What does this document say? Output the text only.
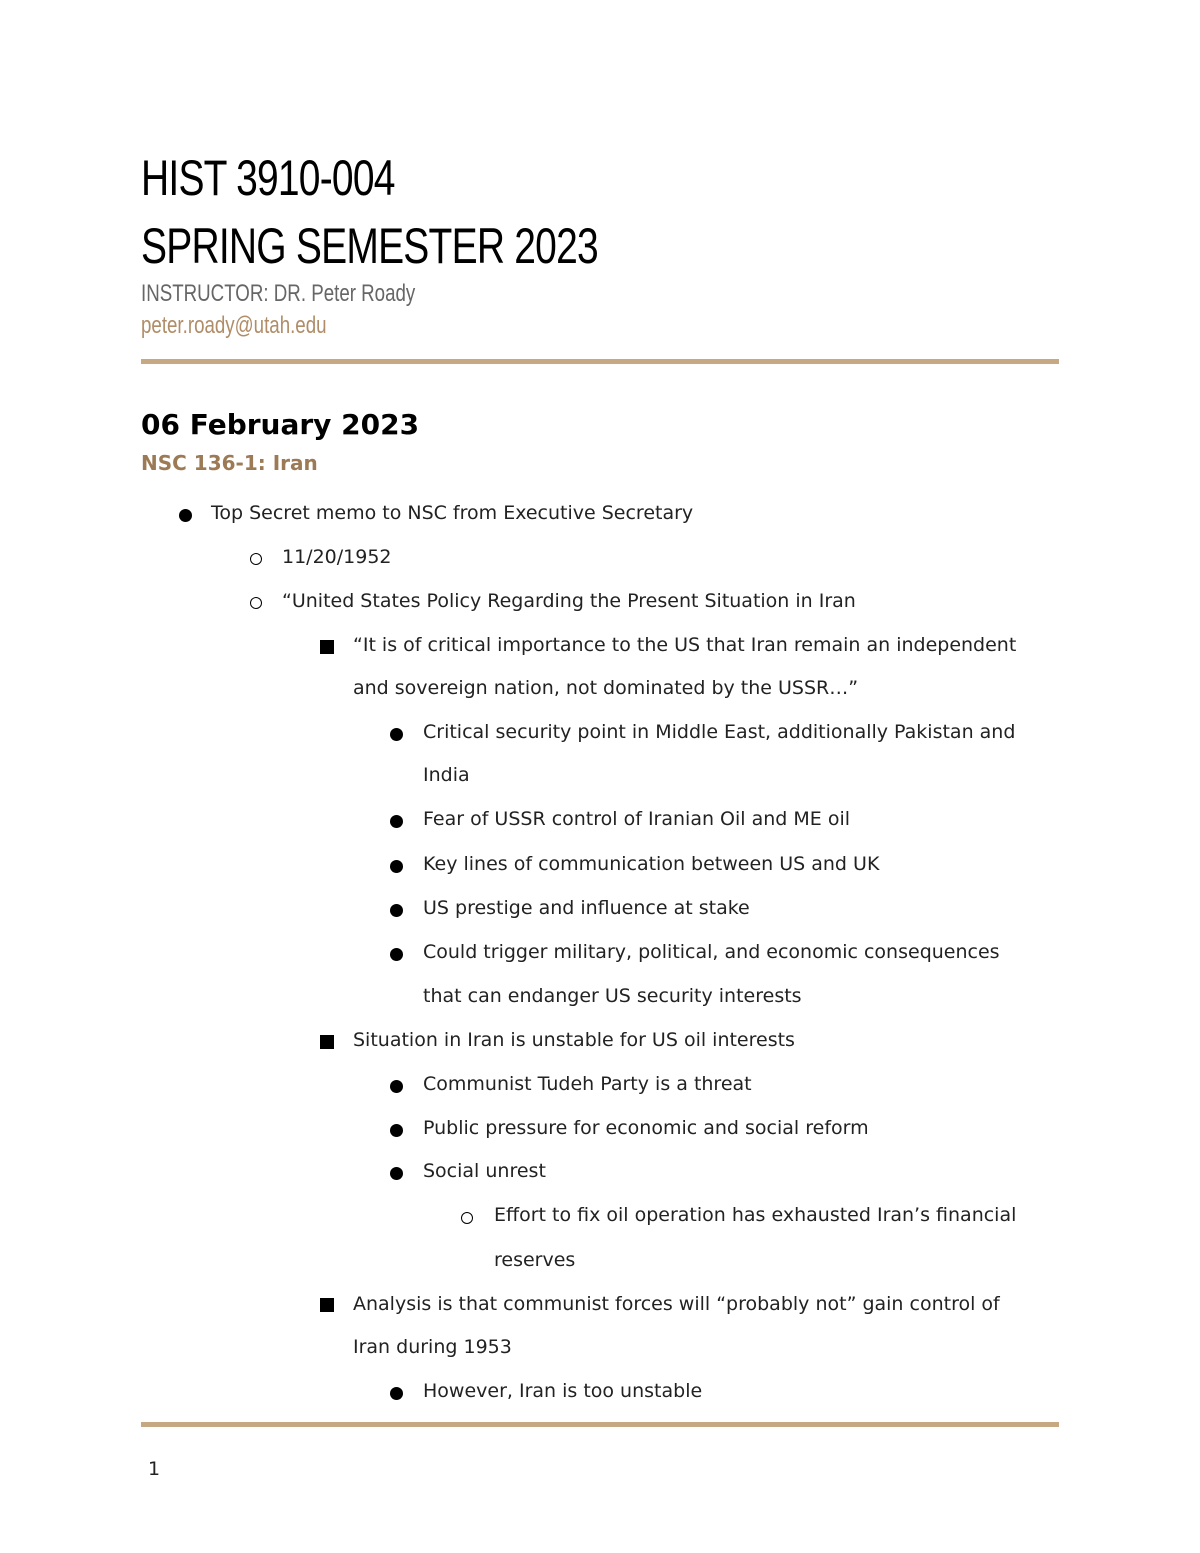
HIST 3910-004
SPRING SEMESTER 2023
INSTRUCTOR: DR. Peter Roady
peter.roady@utah.edu
06 February 2023
NSC 136-1: Iran
Top Secret memo to NSC from Executive Secretary
11/20/1952
“United States Policy Regarding the Present Situation in Iran
“It is of critical importance to the US that Iran remain an independent
and sovereign nation, not dominated by the USSR…”
Critical security point in Middle East, additionally Pakistan and
India
Fear of USSR control of Iranian Oil and ME oil
Key lines of communication between US and UK
US prestige and influence at stake
Could trigger military, political, and economic consequences
that can endanger US security interests
Situation in Iran is unstable for US oil interests
Communist Tudeh Party is a threat
Public pressure for economic and social reform
Social unrest
Effort to fix oil operation has exhausted Iran’s financial
reserves
Analysis is that communist forces will “probably not” gain control of
Iran during 1953
However, Iran is too unstable
1
